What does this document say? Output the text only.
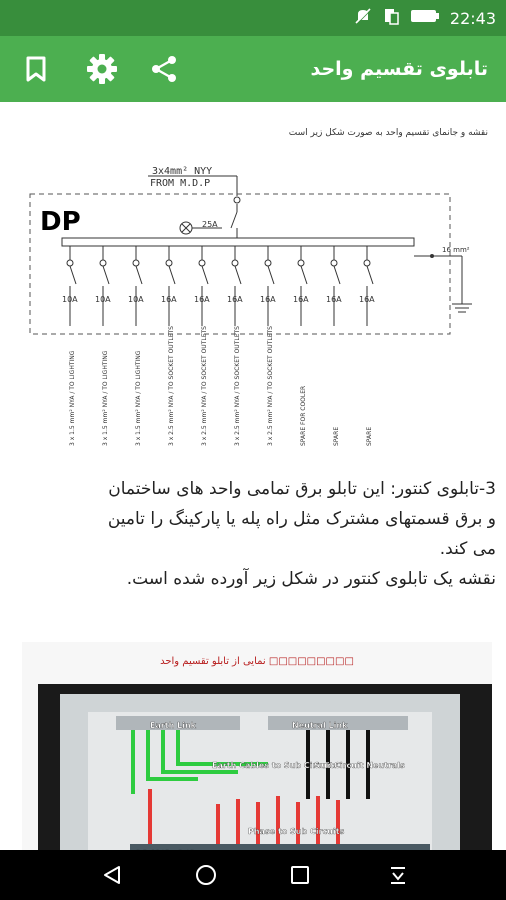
22:43
تابلوی تقسیم واحد
نقشه و جانمای تقسیم واحد به صورت شکل زیر است
3x4mm² NYY
FROM M.D.P
DP	25A
16 mm²
10A
3 x 1.5 mm² NYA / TO LIGHTING
10A
3 x 1.5 mm² NYA / TO LIGHTING
10A
3 x 1.5 mm² NYA / TO LIGHTING
16A
3 x 2.5 mm² NYA / TO SOCKET OUTLETS
16A
3 x 2.5 mm² NYA / TO SOCKET OUTLETS
16A
3 x 2.5 mm² NYA / TO SOCKET OUTLETS
16A
3 x 2.5 mm² NYA / TO SOCKET OUTLETS
16A
SPARE FOR COOLER
16A
SPARE
16A
SPARE
3-تابلوی کنتور: این تابلو برق تمامی واحد های ساختمان
و برق قسمتهای مشترک مثل راه پله یا پارکینگ را تامین
می کند.
نقشه یک تابلوی کنتور در شکل زیر آورده شده است.
□□□□□□□□□ نمایی از تابلو تقسیم واحد
Earth Link	Neutral Link
Earth Cables to Sub Circuits
Sub Circuit Neutrals
Phase to Sub Circuits
